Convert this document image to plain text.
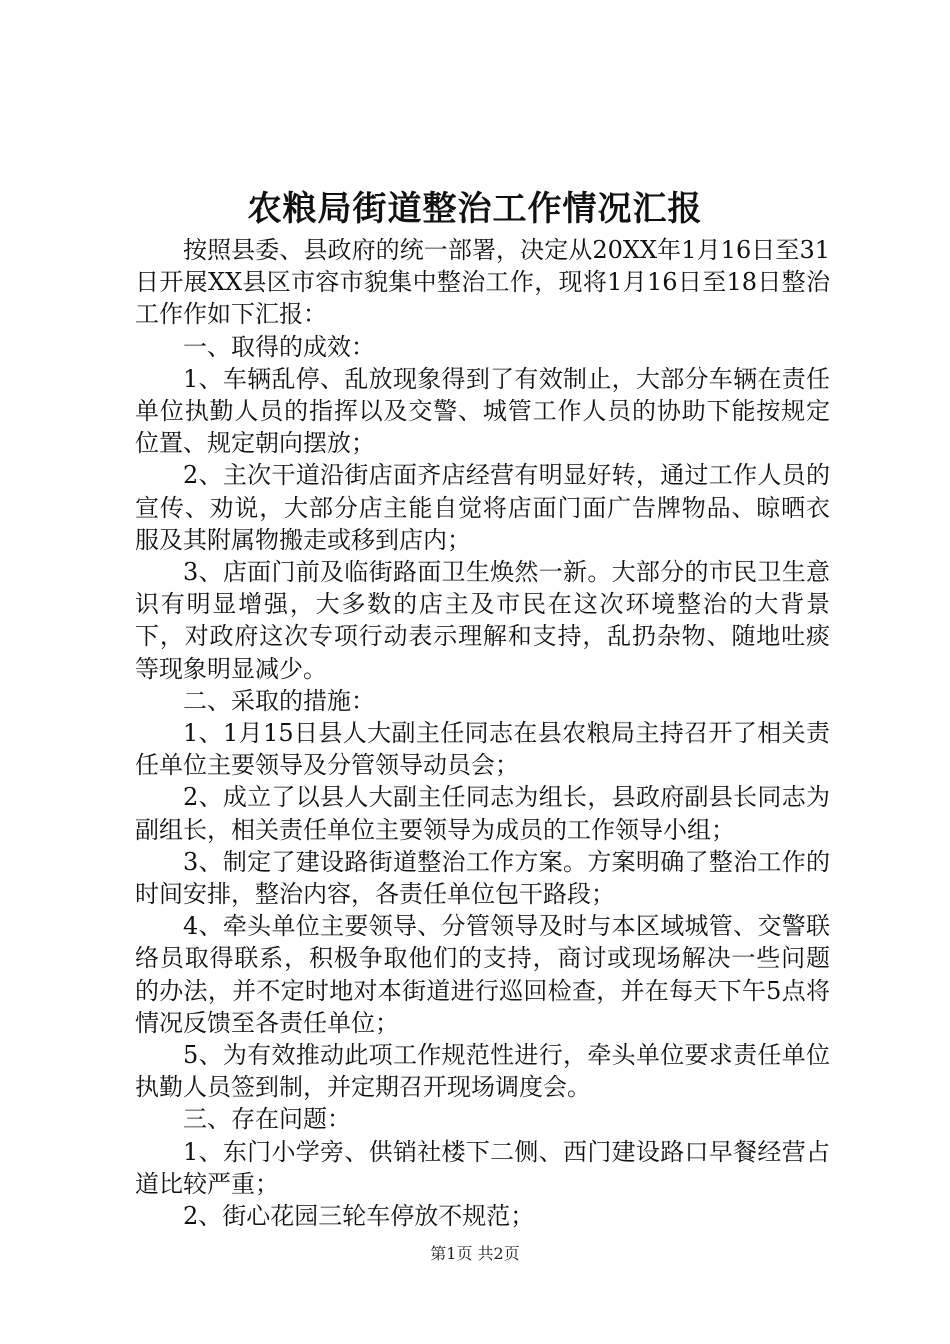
农粮局街道整治工作情况汇报

按照县委、县政府的统一部署，决定从20XX年1月16日至31日开展XX县区市容市貌集中整治工作，现将1月16日至18日整治工作作如下汇报：

一、取得的成效：

1、车辆乱停、乱放现象得到了有效制止，大部分车辆在责任单位执勤人员的指挥以及交警、城管工作人员的协助下能按规定位置、规定朝向摆放；

2、主次干道沿街店面齐店经营有明显好转，通过工作人员的宣传、劝说，大部分店主能自觉将店面门面广告牌物品、晾晒衣服及其附属物搬走或移到店内；

3、店面门前及临街路面卫生焕然一新。大部分的市民卫生意识有明显增强，大多数的店主及市民在这次环境整治的大背景下，对政府这次专项行动表示理解和支持，乱扔杂物、随地吐痰等现象明显减少。

二、采取的措施：

1、1月15日县人大副主任同志在县农粮局主持召开了相关责任单位主要领导及分管领导动员会；

2、成立了以县人大副主任同志为组长，县政府副县长同志为副组长，相关责任单位主要领导为成员的工作领导小组；

3、制定了建设路街道整治工作方案。方案明确了整治工作的时间安排，整治内容，各责任单位包干路段；

4、牵头单位主要领导、分管领导及时与本区域城管、交警联络员取得联系，积极争取他们的支持，商讨或现场解决一些问题的办法，并不定时地对本街道进行巡回检查，并在每天下午5点将情况反馈至各责任单位；

5、为有效推动此项工作规范性进行，牵头单位要求责任单位执勤人员签到制，并定期召开现场调度会。

三、存在问题：

1、东门小学旁、供销社楼下二侧、西门建设路口早餐经营占道比较严重；

2、街心花园三轮车停放不规范；

第1页 共2页
